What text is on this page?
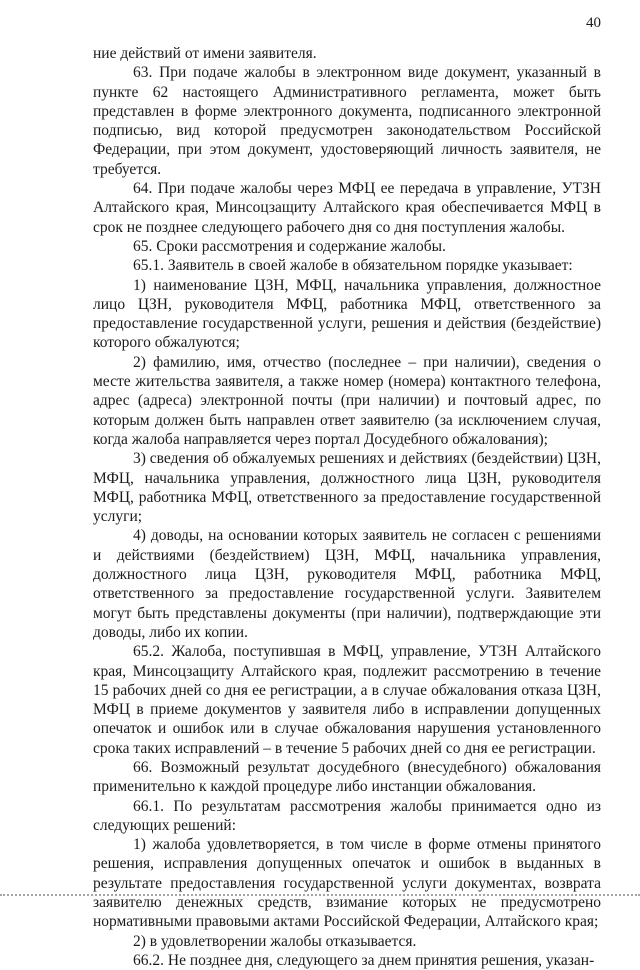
40

ние действий от имени заявителя.

63. При подаче жалобы в электронном виде документ, указанный в пункте 62 настоящего Административного регламента, может быть представлен в форме электронного документа, подписанного электронной подписью, вид которой предусмотрен законодательством Российской Федерации, при этом документ, удостоверяющий личность заявителя, не требуется.

64. При подаче жалобы через МФЦ ее передача в управление, УТЗН Алтайского края, Минсоцзащиту Алтайского края обеспечивается МФЦ в срок не позднее следующего рабочего дня со дня поступления жалобы.

65. Сроки рассмотрения и содержание жалобы.

65.1. Заявитель в своей жалобе в обязательном порядке указывает:

1) наименование ЦЗН, МФЦ, начальника управления, должностное лицо ЦЗН, руководителя МФЦ, работника МФЦ, ответственного за предоставление государственной услуги, решения и действия (бездействие) которого обжалуются;

2) фамилию, имя, отчество (последнее – при наличии), сведения о месте жительства заявителя, а также номер (номера) контактного телефона, адрес (адреса) электронной почты (при наличии) и почтовый адрес, по которым должен быть направлен ответ заявителю (за исключением случая, когда жалоба направляется через портал Досудебного обжалования);

3) сведения об обжалуемых решениях и действиях (бездействии) ЦЗН, МФЦ, начальника управления, должностного лица ЦЗН, руководителя МФЦ, работника МФЦ, ответственного за предоставление государственной услуги;

4) доводы, на основании которых заявитель не согласен с решениями и действиями (бездействием) ЦЗН, МФЦ, начальника управления, должностного лица ЦЗН, руководителя МФЦ, работника МФЦ, ответственного за предоставление государственной услуги. Заявителем могут быть представлены документы (при наличии), подтверждающие эти доводы, либо их копии.

65.2. Жалоба, поступившая в МФЦ, управление, УТЗН Алтайского края, Минсоцзащиту Алтайского края, подлежит рассмотрению в течение 15 рабочих дней со дня ее регистрации, а в случае обжалования отказа ЦЗН, МФЦ в приеме документов у заявителя либо в исправлении допущенных опечаток и ошибок или в случае обжалования нарушения установленного срока таких исправлений – в течение 5 рабочих дней со дня ее регистрации.

66. Возможный результат досудебного (внесудебного) обжалования применительно к каждой процедуре либо инстанции обжалования.

66.1. По результатам рассмотрения жалобы принимается одно из следующих решений:

1) жалоба удовлетворяется, в том числе в форме отмены принятого решения, исправления допущенных опечаток и ошибок в выданных в результате предоставления государственной услуги документах, возврата заявителю денежных средств, взимание которых не предусмотрено нормативными правовыми актами Российской Федерации, Алтайского края;

2) в удовлетворении жалобы отказывается.

66.2. Не позднее дня, следующего за днем принятия решения, указан-
